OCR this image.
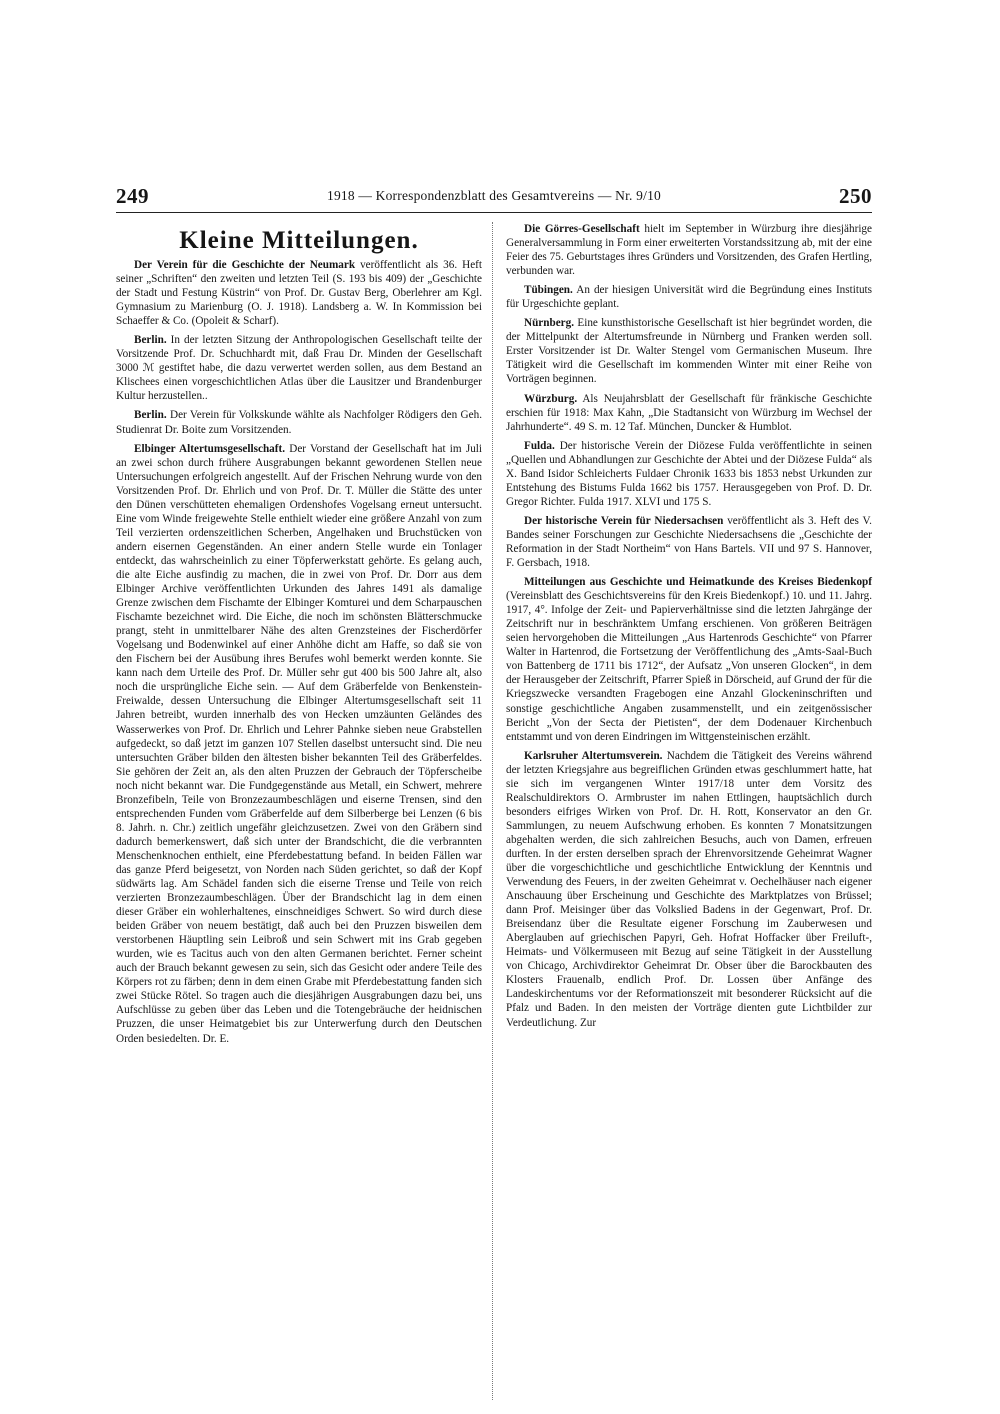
249	1918 — Korrespondenzblatt des Gesamtvereins — Nr. 9/10	250
Kleine Mitteilungen.

Der Verein für die Geschichte der Neumark veröffentlicht als 36. Heft seiner „Schriften“ den zweiten und letzten Teil (S. 193 bis 409) der „Geschichte der Stadt und Festung Küstrin“ von Prof. Dr. Gustav Berg, Oberlehrer am Kgl. Gymnasium zu Marienburg (O. J. 1918). Landsberg a. W. In Kommission bei Schaeffer & Co. (Opoleit & Scharf).

Berlin. In der letzten Sitzung der Anthropologischen Gesellschaft teilte der Vorsitzende Prof. Dr. Schuchhardt mit, daß Frau Dr. Minden der Gesellschaft 3000 ℳ gestiftet habe, die dazu verwertet werden sollen, aus dem Bestand an Klischees einen vorgeschichtlichen Atlas über die Lausitzer und Brandenburger Kultur herzustellen..

Berlin. Der Verein für Volkskunde wählte als Nachfolger Rödigers den Geh. Studienrat Dr. Boite zum Vorsitzenden.

Elbinger Altertumsgesellschaft. Der Vorstand der Gesellschaft hat im Juli an zwei schon durch frühere Ausgrabungen bekannt gewordenen Stellen neue Untersuchungen erfolgreich angestellt. Auf der Frischen Nehrung wurde von den Vorsitzenden Prof. Dr. Ehrlich und von Prof. Dr. T. Müller die Stätte des unter den Dünen verschütteten ehemaligen Ordenshofes Vogelsang erneut untersucht. Eine vom Winde freigewehte Stelle enthielt wieder eine größere Anzahl von zum Teil verzierten ordenszeitlichen Scherben, Angelhaken und Bruchstücken von andern eisernen Gegenständen. An einer andern Stelle wurde ein Tonlager entdeckt, das wahrscheinlich zu einer Töpferwerkstatt gehörte. Es gelang auch, die alte Eiche ausfindig zu machen, die in zwei von Prof. Dr. Dorr aus dem Elbinger Archive veröffentlichten Urkunden des Jahres 1491 als damalige Grenze zwischen dem Fischamte der Elbinger Komturei und dem Scharpauschen Fischamte bezeichnet wird. Die Eiche, die noch im schönsten Blätterschmucke prangt, steht in unmittelbarer Nähe des alten Grenzsteines der Fischerdörfer Vogelsang und Bodenwinkel auf einer Anhöhe dicht am Haffe, so daß sie von den Fischern bei der Ausübung ihres Berufes wohl bemerkt werden konnte. Sie kann nach dem Urteile des Prof. Dr. Müller sehr gut 400 bis 500 Jahre alt, also noch die ursprüngliche Eiche sein. — Auf dem Gräberfelde von Benkenstein-Freiwalde, dessen Untersuchung die Elbinger Altertumsgesellschaft seit 11 Jahren betreibt, wurden innerhalb des von Hecken umzäunten Geländes des Wasserwerkes von Prof. Dr. Ehrlich und Lehrer Pahnke sieben neue Grabstellen aufgedeckt, so daß jetzt im ganzen 107 Stellen daselbst untersucht sind. Die neu untersuchten Gräber bilden den ältesten bisher bekannten Teil des Gräberfeldes. Sie gehören der Zeit an, als den alten Pruzzen der Gebrauch der Töpferscheibe noch nicht bekannt war. Die Fundgegenstände aus Metall, ein Schwert, mehrere Bronzefibeln, Teile von Bronzezaumbeschlägen und eiserne Trensen, sind den entsprechenden Funden vom Gräberfelde auf dem Silberberge bei Lenzen (6 bis 8. Jahrh. n. Chr.) zeitlich ungefähr gleichzusetzen. Zwei von den Gräbern sind dadurch bemerkenswert, daß sich unter der Brandschicht, die die verbrannten Menschenknochen enthielt, eine Pferdebestattung befand. In beiden Fällen war das ganze Pferd beigesetzt, von Norden nach Süden gerichtet, so daß der Kopf südwärts lag. Am Schädel fanden sich die eiserne Trense und Teile von reich verzierten Bronzezaumbeschlägen. Über der Brandschicht lag in dem einen dieser Gräber ein wohlerhaltenes, einschneidiges Schwert. So wird durch diese beiden Gräber von neuem bestätigt, daß auch bei den Pruzzen bisweilen dem verstorbenen Häuptling sein Leibroß und sein Schwert mit ins Grab gegeben wurden, wie es Tacitus auch von den alten Germanen berichtet. Ferner scheint auch der Brauch bekannt gewesen zu sein, sich das Gesicht oder andere Teile des Körpers rot zu färben; denn in dem einen Grabe mit Pferdebestattung fanden sich zwei Stücke Rötel. So tragen auch die diesjährigen Ausgrabungen dazu bei, uns Aufschlüsse zu geben über das Leben und die Totengebräuche der heidnischen Pruzzen, die unser Heimatgebiet bis zur Unterwerfung durch den Deutschen Orden besiedelten. Dr. E.

Die Görres-Gesellschaft hielt im September in Würzburg ihre diesjährige Generalversammlung in Form einer erweiterten Vorstandssitzung ab, mit der eine Feier des 75. Geburtstages ihres Gründers und Vorsitzenden, des Grafen Hertling, verbunden war.

Tübingen. An der hiesigen Universität wird die Begründung eines Instituts für Urgeschichte geplant.

Nürnberg. Eine kunsthistorische Gesellschaft ist hier begründet worden, die der Mittelpunkt der Altertumsfreunde in Nürnberg und Franken werden soll. Erster Vorsitzender ist Dr. Walter Stengel vom Germanischen Museum. Ihre Tätigkeit wird die Gesellschaft im kommenden Winter mit einer Reihe von Vorträgen beginnen.

Würzburg. Als Neujahrsblatt der Gesellschaft für fränkische Geschichte erschien für 1918: Max Kahn, „Die Stadtansicht von Würzburg im Wechsel der Jahrhunderte“. 49 S. m. 12 Taf. München, Duncker & Humblot.

Fulda. Der historische Verein der Diözese Fulda veröffentlichte in seinen „Quellen und Abhandlungen zur Geschichte der Abtei und der Diözese Fulda“ als X. Band Isidor Schleicherts Fuldaer Chronik 1633 bis 1853 nebst Urkunden zur Entstehung des Bistums Fulda 1662 bis 1757. Herausgegeben von Prof. D. Dr. Gregor Richter. Fulda 1917. XLVI und 175 S.

Der historische Verein für Niedersachsen veröffentlicht als 3. Heft des V. Bandes seiner Forschungen zur Geschichte Niedersachsens die „Geschichte der Reformation in der Stadt Northeim“ von Hans Bartels. VII und 97 S. Hannover, F. Gersbach, 1918.

Mitteilungen aus Geschichte und Heimatkunde des Kreises Biedenkopf (Vereinsblatt des Geschichtsvereins für den Kreis Biedenkopf.) 10. und 11. Jahrg. 1917, 4°. Infolge der Zeit- und Papierverhältnisse sind die letzten Jahrgänge der Zeitschrift nur in beschränktem Umfang erschienen. Von größeren Beiträgen seien hervorgehoben die Mitteilungen „Aus Hartenrods Geschichte“ von Pfarrer Walter in Hartenrod, die Fortsetzung der Veröffentlichung des „Amts-Saal-Buch von Battenberg de 1711 bis 1712“, der Aufsatz „Von unseren Glocken“, in dem der Herausgeber der Zeitschrift, Pfarrer Spieß in Dörscheid, auf Grund der für die Kriegszwecke versandten Fragebogen eine Anzahl Glockeninschriften und sonstige geschichtliche Angaben zusammenstellt, und ein zeitgenössischer Bericht „Von der Secta der Pietisten“, der dem Dodenauer Kirchenbuch entstammt und von deren Eindringen im Wittgensteinischen erzählt.

Karlsruher Altertumsverein. Nachdem die Tätigkeit des Vereins während der letzten Kriegsjahre aus begreiflichen Gründen etwas geschlummert hatte, hat sie sich im vergangenen Winter 1917/18 unter dem Vorsitz des Realschuldirektors O. Armbruster im nahen Ettlingen, hauptsächlich durch besonders eifriges Wirken von Prof. Dr. H. Rott, Konservator an den Gr. Sammlungen, zu neuem Aufschwung erhoben. Es konnten 7 Monatsitzungen abgehalten werden, die sich zahlreichen Besuchs, auch von Damen, erfreuen durften. In der ersten derselben sprach der Ehrenvorsitzende Geheimrat Wagner über die vorgeschichtliche und geschichtliche Entwicklung der Kenntnis und Verwendung des Feuers, in der zweiten Geheimrat v. Oechelhäuser nach eigener Anschauung über Erscheinung und Geschichte des Marktplatzes von Brüssel; dann Prof. Meisinger über das Volkslied Badens in der Gegenwart, Prof. Dr. Breisendanz über die Resultate eigener Forschung im Zauberwesen und Aberglauben auf griechischen Papyri, Geh. Hofrat Hoffacker über Freiluft-, Heimats- und Völkermuseen mit Bezug auf seine Tätigkeit in der Ausstellung von Chicago, Archivdirektor Geheimrat Dr. Obser über die Barockbauten des Klosters Frauenalb, endlich Prof. Dr. Lossen über Anfänge des Landeskirchentums vor der Reformationszeit mit besonderer Rücksicht auf die Pfalz und Baden. In den meisten der Vorträge dienten gute Lichtbilder zur Verdeutlichung. Zur
